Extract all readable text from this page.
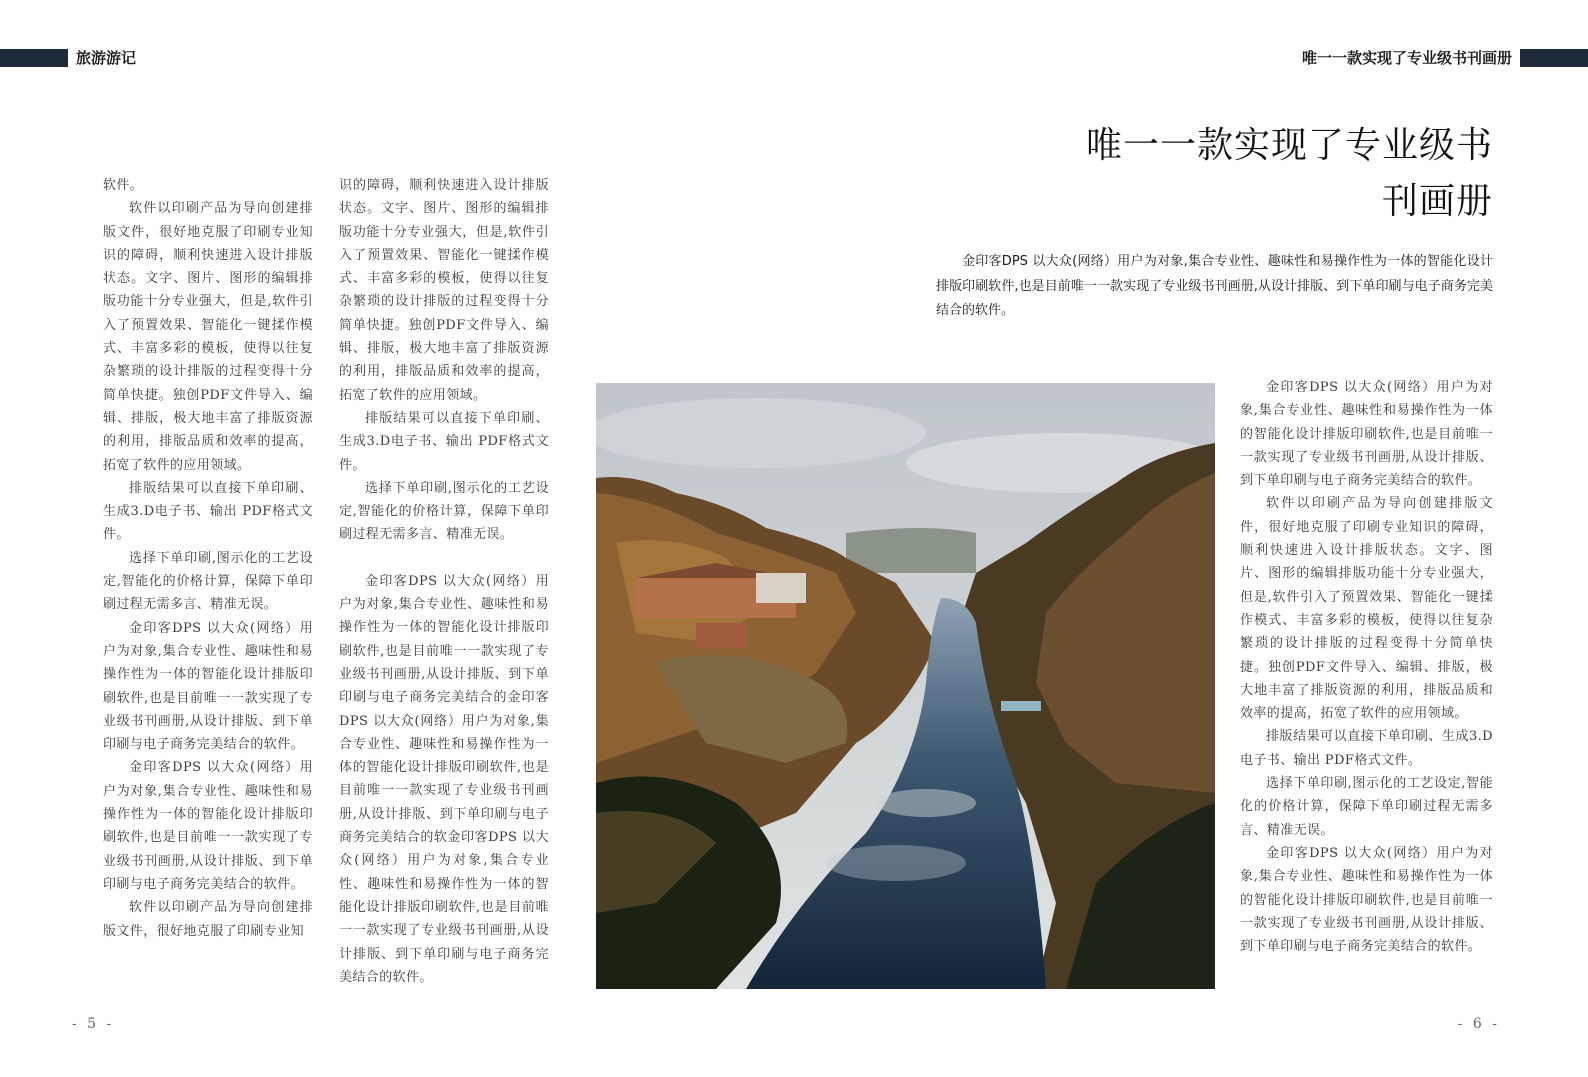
旅游游记	唯一一款实现了专业级书刊画册

软件。

软件以印刷产品为导向创建排版文件，很好地克服了印刷专业知识的障碍，顺利快速进入设计排版状态。文字、图片、图形的编辑排版功能十分专业强大，但是,软件引入了预置效果、智能化一键揉作模式、丰富多彩的模板，使得以往复杂繁琐的设计排版的过程变得十分简单快捷。独创PDF文件导入、编辑、排版，极大地丰富了排版资源的利用，排版品质和效率的提高，拓宽了软件的应用领域。

排版结果可以直接下单印刷、生成3.D电子书、输出 PDF格式文件。

选择下单印刷,图示化的工艺设定,智能化的价格计算，保障下单印刷过程无需多言、精准无误。

金印客DPS 以大众(网络）用户为对象,集合专业性、趣味性和易操作性为一体的智能化设计排版印刷软件,也是目前唯一一款实现了专业级书刊画册,从设计排版、到下单印刷与电子商务完美结合的软件。

金印客DPS 以大众(网络）用户为对象,集合专业性、趣味性和易操作性为一体的智能化设计排版印刷软件,也是目前唯一一款实现了专业级书刊画册,从设计排版、到下单印刷与电子商务完美结合的软件。

软件以印刷产品为导向创建排版文件，很好地克服了印刷专业知

识的障碍，顺利快速进入设计排版状态。文字、图片、图形的编辑排版功能十分专业强大，但是,软件引入了预置效果、智能化一键揉作模式、丰富多彩的模板，使得以往复杂繁琐的设计排版的过程变得十分简单快捷。独创PDF文件导入、编辑、排版，极大地丰富了排版资源的利用，排版品质和效率的提高，拓宽了软件的应用领域。

排版结果可以直接下单印刷、生成3.D电子书、输出 PDF格式文件。

选择下单印刷,图示化的工艺设定,智能化的价格计算，保障下单印刷过程无需多言、精准无误。

金印客DPS 以大众(网络）用户为对象,集合专业性、趣味性和易操作性为一体的智能化设计排版印刷软件,也是目前唯一一款实现了专业级书刊画册,从设计排版、到下单印刷与电子商务完美结合的金印客DPS 以大众(网络）用户为对象,集合专业性、趣味性和易操作性为一体的智能化设计排版印刷软件,也是目前唯一一款实现了专业级书刊画册,从设计排版、到下单印刷与电子商务完美结合的软金印客DPS 以大众(网络）用户为对象,集合专业性、趣味性和易操作性为一体的智能化设计排版印刷软件,也是目前唯一一款实现了专业级书刊画册,从设计排版、到下单印刷与电子商务完美结合的软件。

唯一一款实现了专业级书刊画册
金印客DPS 以大众(网络）用户为对象,集合专业性、趣味性和易操作性为一体的智能化设计排版印刷软件,也是目前唯一一款实现了专业级书刊画册,从设计排版、到下单印刷与电子商务完美结合的软件。

金印客DPS 以大众(网络）用户为对象,集合专业性、趣味性和易操作性为一体的智能化设计排版印刷软件,也是目前唯一一款实现了专业级书刊画册,从设计排版、到下单印刷与电子商务完美结合的软件。

软件以印刷产品为导向创建排版文件，很好地克服了印刷专业知识的障碍，顺利快速进入设计排版状态。文字、图片、图形的编辑排版功能十分专业强大，但是,软件引入了预置效果、智能化一键揉作模式、丰富多彩的模板，使得以往复杂繁琐的设计排版的过程变得十分简单快捷。独创PDF文件导入、编辑、排版，极大地丰富了排版资源的利用，排版品质和效率的提高，拓宽了软件的应用领域。

排版结果可以直接下单印刷、生成3.D电子书、输出 PDF格式文件。

选择下单印刷,图示化的工艺设定,智能化的价格计算，保障下单印刷过程无需多言、精准无误。

金印客DPS 以大众(网络）用户为对象,集合专业性、趣味性和易操作性为一体的智能化设计排版印刷软件,也是目前唯一一款实现了专业级书刊画册,从设计排版、到下单印刷与电子商务完美结合的软件。

- 5 -	- 6 -
